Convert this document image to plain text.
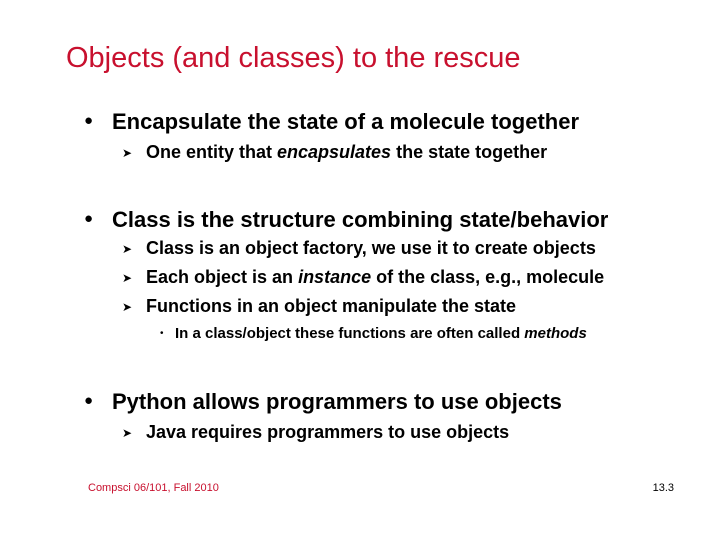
Objects (and classes) to the rescue
● Encapsulate the state of a molecule together
➤ One entity that encapsulates the state together
● Class is the structure combining state/behavior
➤ Class is an object factory, we use it to create objects
➤ Each object is an instance of the class, e.g., molecule
➤ Functions in an object manipulate the state
• In a class/object these functions are often called methods
● Python allows programmers to use objects
➤ Java requires programmers to use objects
Compsci 06/101, Fall 2010	13.3
